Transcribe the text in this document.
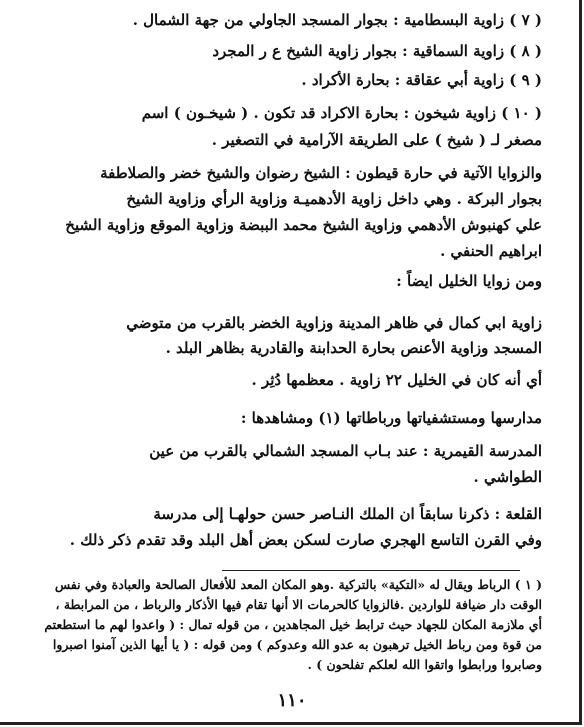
( ٧ ) زاوية البسطامية : بجوار المسجد الجاولي من جهة الشمال .
( ٨ ) زاوية السماقية : بجوار زاوية الشيخ ع ر المجرد
( ٩ ) زاوية أبي عقاقة : بحارة الأكراد .
( ١٠ ) زاوية شيخون : بحارة الاكراد قد تكون . ( شيخـون ) اسم
مصغر لـ ( شيخ ) على الطريقة الآرامية في التصغير .
والزوايا الآتية في حارة قيطون : الشيخ رضوان والشيخ خضر والصلاطفة
بجوار البركة . وهي داخل زاوية الأدهميـة وزاوية الرأي وزاوية الشيخ
علي كهنبوش الأدهمي وزاوية الشيخ محمد الببضة وزاوية الموقع وزاوية الشيخ
ابراهيم الحنفي .
ومن زوايا الخليل ايضاً :
زاوية ابي كمال في ظاهر المدينة وزاوية الخضر بالقرب من متوضي
المسجد وزاوية الأعنص بحارة الحدابنة والقادرية بظاهر البلد .
أي أنه كان في الخليل ٢٢ زاوية . معظمها دُثِر .
مدارسها ومستشفياتها ورباطاتها (١) ومشاهدها :
المدرسة القيمرية : عند بـاب المسجد الشمالي بالقرب من عين
الطواشي .
القلعة : ذكرنا سابقاً ان الملك النـاصر حسن حولهـا إلى مدرسة
وفي القرن التاسع الهجري صارت لسكن بعض أهل البلد وقد تقدم ذكر ذلك .
( ١ ) الرباط ويقال له «التكية» بالتركية .وهو المكان المعد للأفعال الصالحة والعبادة وفي نفس
الوقت دار ضيافة للواردين .فالزوايا كالحرمات الا أنها تقام فيها الأذكار والرباط ، من المرابطة ،
أي ملازمة المكان للجهاد حيث ترابط خيل المجاهدين ، من قوله تمال : ( واعدوا لهم ما استطعتم
من قوة ومن رباط الخيل ترهبون به عدو الله وعدوكم ) ومن قوله : ( يا أيها الذين آمنوا اصبروا
وصابروا ورابطوا واتقوا الله لعلكم تفلحون ) .
١١٠
